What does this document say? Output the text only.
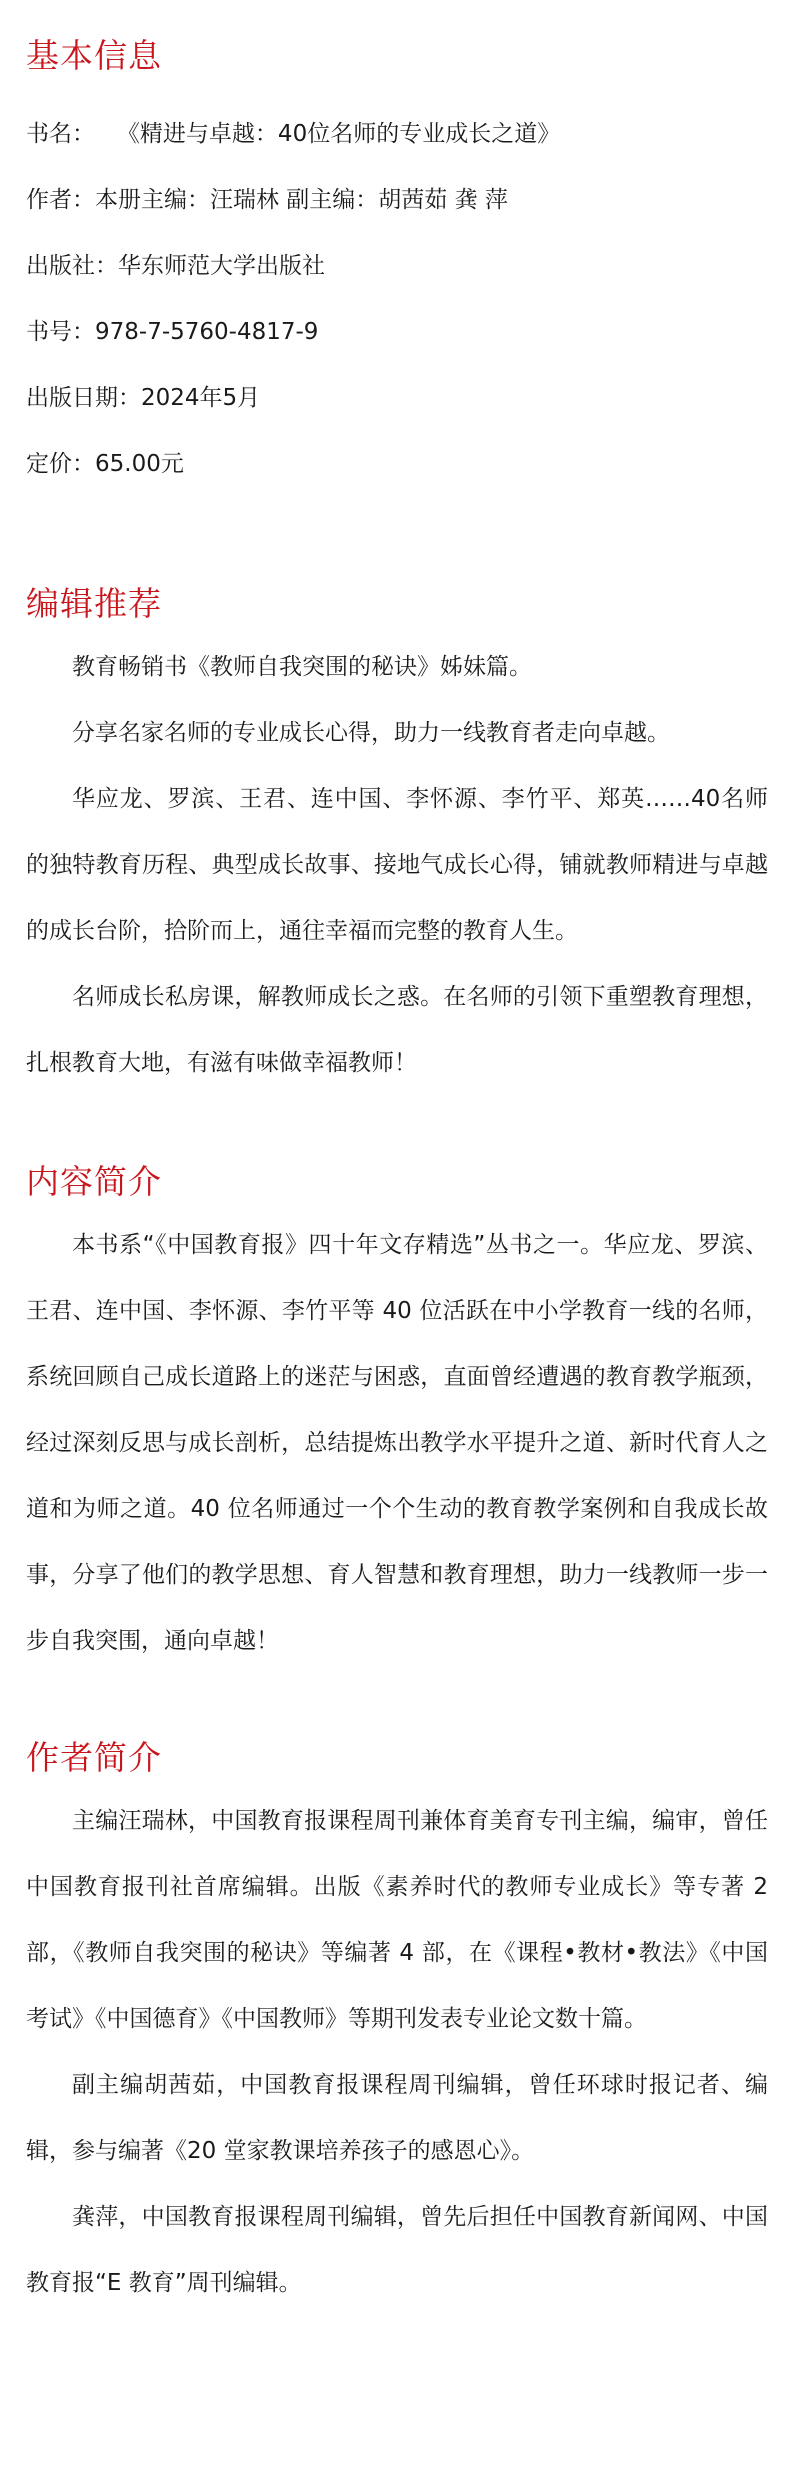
基本信息

书名：   《精进与卓越：40位名师的专业成长之道》

作者：本册主编：汪瑞林 副主编：胡茜茹 龚 萍

出版社：华东师范大学出版社

书号：978-7-5760-4817-9

出版日期：2024年5月

定价：65.00元

编辑推荐

教育畅销书《教师自我突围的秘诀》姊妹篇。

分享名家名师的专业成长心得，助力一线教育者走向卓越。

华应龙、罗滨、王君、连中国、李怀源、李竹平、郑英……40名师的独特教育历程、典型成长故事、接地气成长心得，铺就教师精进与卓越的成长台阶，拾阶而上，通往幸福而完整的教育人生。

名师成长私房课，解教师成长之惑。在名师的引领下重塑教育理想，扎根教育大地，有滋有味做幸福教师！

内容简介

本书系“《中国教育报》四十年文存精选”丛书之一。华应龙、罗滨、王君、连中国、李怀源、李竹平等 40 位活跃在中小学教育一线的名师，系统回顾自己成长道路上的迷茫与困惑，直面曾经遭遇的教育教学瓶颈，经过深刻反思与成长剖析，总结提炼出教学水平提升之道、新时代育人之道和为师之道。40 位名师通过一个个生动的教育教学案例和自我成长故事，分享了他们的教学思想、育人智慧和教育理想，助力一线教师一步一步自我突围，通向卓越！

作者简介

主编汪瑞林，中国教育报课程周刊兼体育美育专刊主编，编审，曾任中国教育报刊社首席编辑。出版《素养时代的教师专业成长》等专著 2 部，《教师自我突围的秘诀》等编著 4 部，在《课程•教材•教法》《中国考试》《中国德育》《中国教师》等期刊发表专业论文数十篇。

副主编胡茜茹，中国教育报课程周刊编辑，曾任环球时报记者、编辑，参与编著《20 堂家教课培养孩子的感恩心》。

龚萍，中国教育报课程周刊编辑，曾先后担任中国教育新闻网、中国教育报“E 教育”周刊编辑。
